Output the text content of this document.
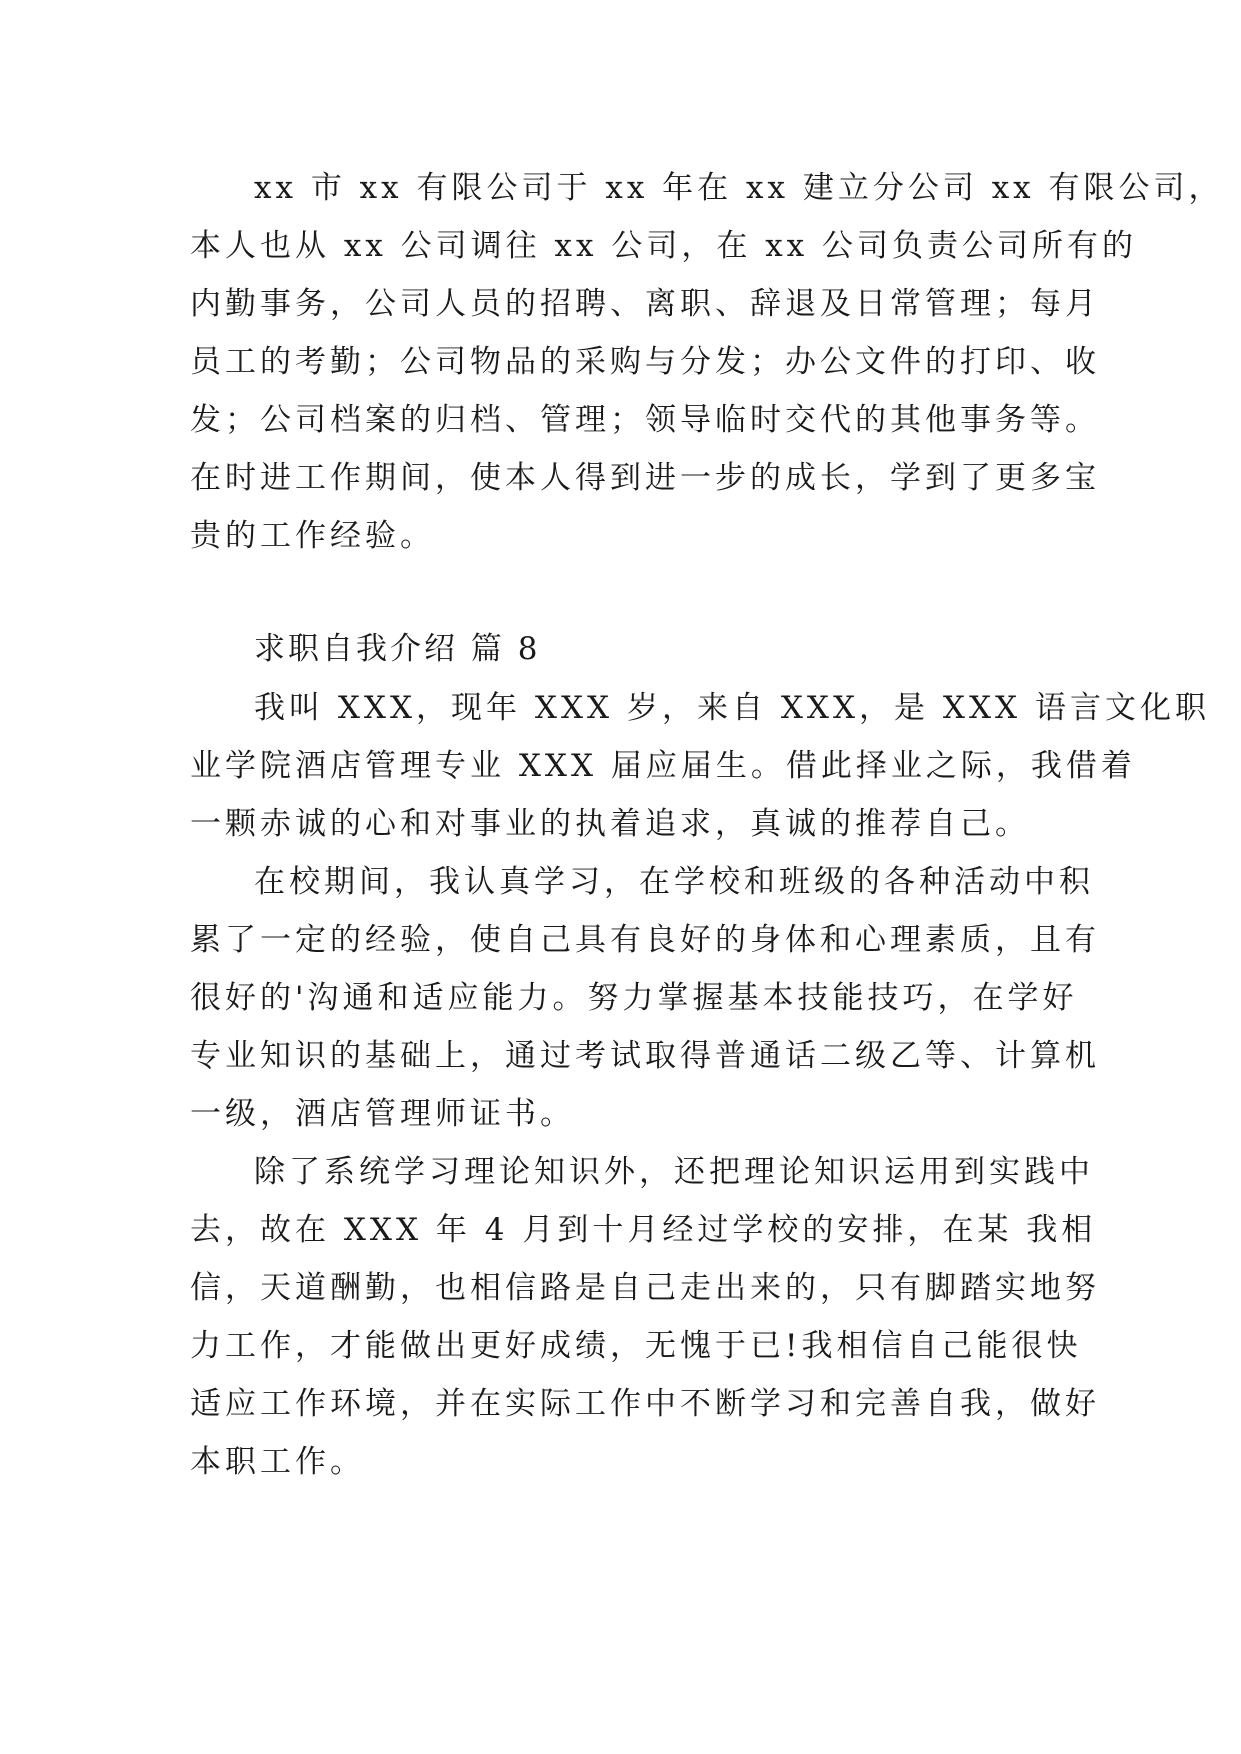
xx 市 xx 有限公司于 xx 年在 xx 建立分公司 xx 有限公司，
本人也从 xx 公司调往 xx 公司，在 xx 公司负责公司所有的
内勤事务，公司人员的招聘、离职、辞退及日常管理；每月
员工的考勤；公司物品的采购与分发；办公文件的打印、收
发；公司档案的归档、管理；领导临时交代的其他事务等。
在时进工作期间，使本人得到进一步的成长，学到了更多宝
贵的工作经验。
求职自我介绍 篇 8
我叫 XXX，现年 XXX 岁，来自 XXX，是 XXX 语言文化职
业学院酒店管理专业 XXX 届应届生。借此择业之际，我借着
一颗赤诚的心和对事业的执着追求，真诚的推荐自己。
在校期间，我认真学习，在学校和班级的各种活动中积
累了一定的经验，使自己具有良好的身体和心理素质，且有
很好的'沟通和适应能力。努力掌握基本技能技巧，在学好
专业知识的基础上，通过考试取得普通话二级乙等、计算机
一级，酒店管理师证书。
除了系统学习理论知识外，还把理论知识运用到实践中
去，故在 XXX 年 4 月到十月经过学校的安排，在某 我相
信，天道酬勤，也相信路是自己走出来的，只有脚踏实地努
力工作，才能做出更好成绩，无愧于已!我相信自己能很快
适应工作环境，并在实际工作中不断学习和完善自我，做好
本职工作。
